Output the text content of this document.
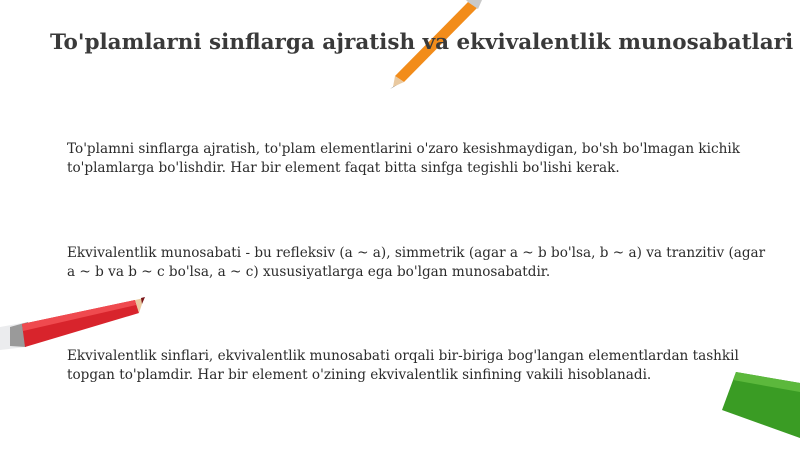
To'plamlarni sinflarga ajratish va ekvivalentlik munosabatlari

To'plamni sinflarga ajratish, to'plam elementlarini o'zaro kesishmaydigan, bo'sh bo'lmagan kichik to'plamlarga bo'lishdir. Har bir element faqat bitta sinfga tegishli bo'lishi kerak.

Ekvivalentlik munosabati - bu refleksiv (a ~ a), simmetrik (agar a ~ b bo'lsa, b ~ a) va tranzitiv (agar a ~ b va b ~ c bo'lsa, a ~ c) xususiyatlarga ega bo'lgan munosabatdir.

Ekvivalentlik sinflari, ekvivalentlik munosabati orqali bir-biriga bog'langan elementlardan tashkil topgan to'plamdir. Har bir element o'zining ekvivalentlik sinfining vakili hisoblanadi.
